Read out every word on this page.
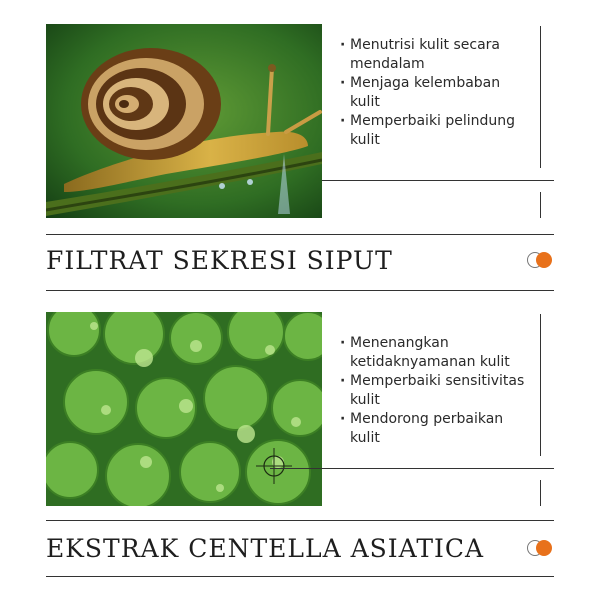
· Menutrisi kulit secara mendalam
· Menjaga kelembaban kulit
· Memperbaiki pelindung kulit
FILTRAT SEKRESI SIPUT
· Menenangkan ketidaknyamanan kulit
· Memperbaiki sensitivitas kulit
· Mendorong perbaikan kulit
EKSTRAK CENTELLA ASIATICA
